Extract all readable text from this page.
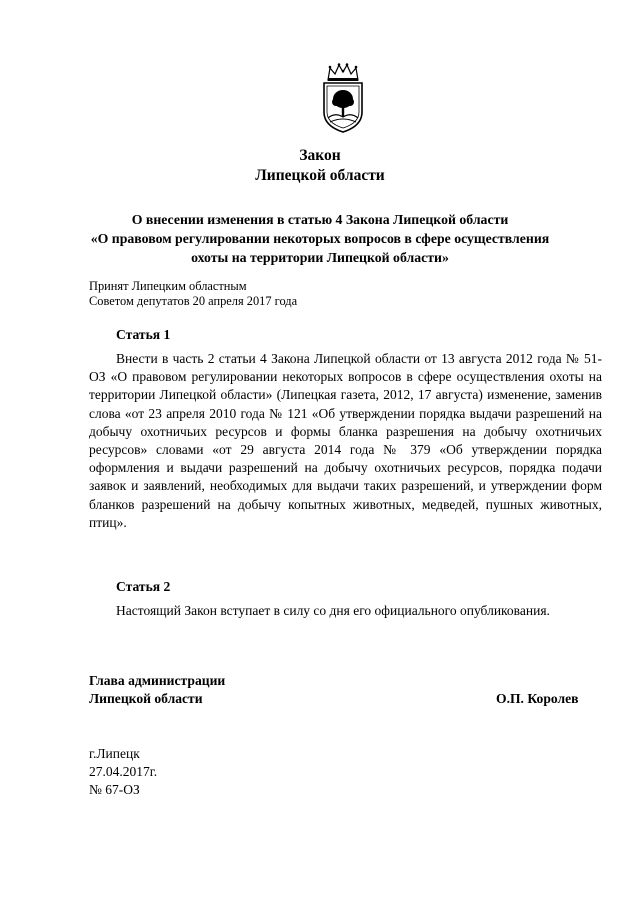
Закон
Липецкой области
О внесении изменения в статью 4 Закона Липецкой области
«О правовом регулировании некоторых вопросов в сфере осуществления
охоты на территории Липецкой области»
Принят Липецким областным
Советом депутатов 20 апреля 2017 года
Статья 1

Внести в часть 2 статьи 4 Закона Липецкой области от 13 августа 2012 года № 51-ОЗ «О правовом регулировании некоторых вопросов в сфере осуществления охоты на территории Липецкой области» (Липецкая газета, 2012, 17 августа) изменение, заменив слова «от 23 апреля 2010 года № 121 «Об утверждении порядка выдачи разрешений на добычу охотничьих ресурсов и формы бланка разрешения на добычу охотничьих ресурсов» словами «от 29 августа 2014 года № 379 «Об утверждении порядка оформления и выдачи разрешений на добычу охотничьих ресурсов, порядка подачи заявок и заявлений, необходимых для выдачи таких разрешений, и утверждении форм бланков разрешений на добычу копытных животных, медведей, пушных животных, птиц».

Статья 2

Настоящий Закон вступает в силу со дня его официального опубликования.

Глава администрации
Липецкой области	О.П. Королев
г.Липецк
27.04.2017г.
№ 67-ОЗ
